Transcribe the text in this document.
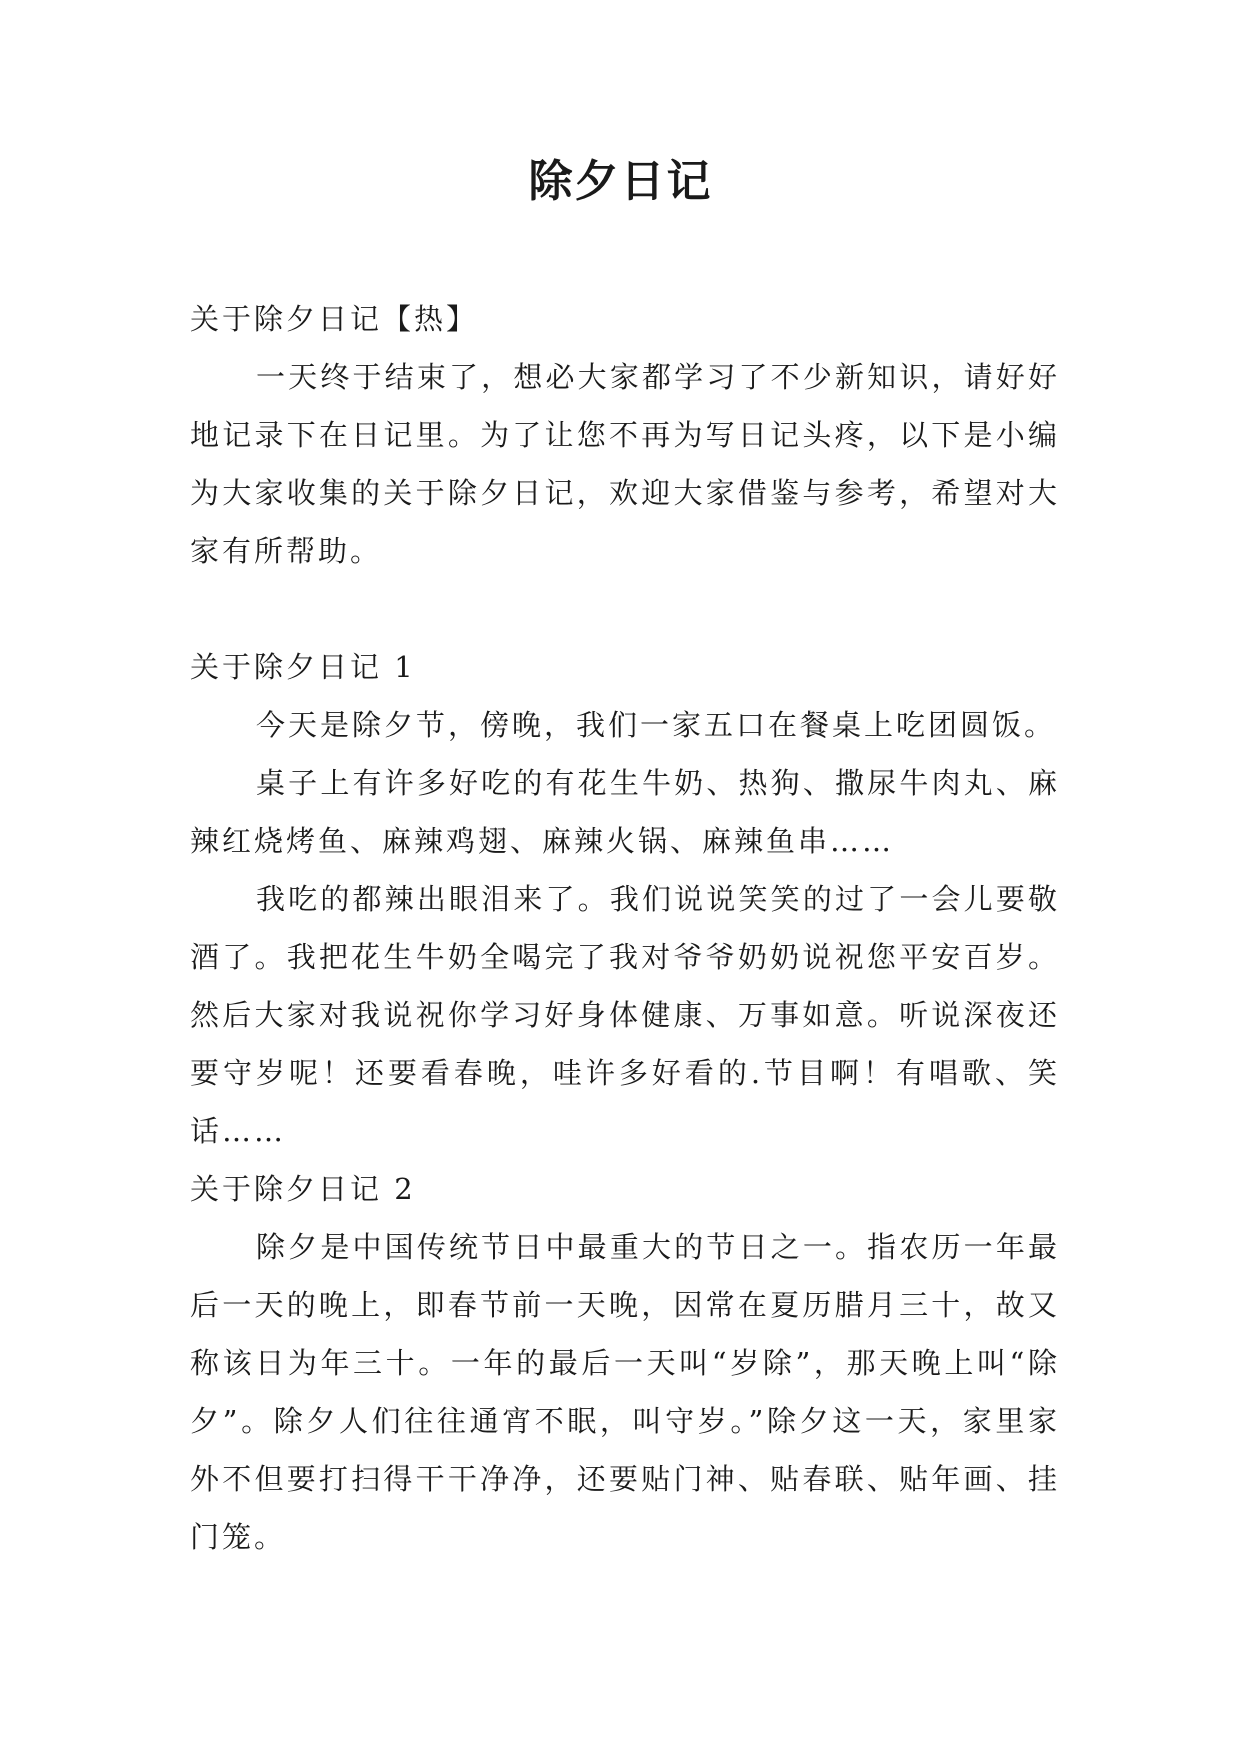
除夕日记

关于除夕日记【热】

一天终于结束了，想必大家都学习了不少新知识，请好好地记录下在日记里。为了让您不再为写日记头疼，以下是小编为大家收集的关于除夕日记，欢迎大家借鉴与参考，希望对大家有所帮助。

关于除夕日记 1

今天是除夕节，傍晚，我们一家五口在餐桌上吃团圆饭。

桌子上有许多好吃的有花生牛奶、热狗、撒尿牛肉丸、麻辣红烧烤鱼、麻辣鸡翅、麻辣火锅、麻辣鱼串……

我吃的都辣出眼泪来了。我们说说笑笑的过了一会儿要敬酒了。我把花生牛奶全喝完了我对爷爷奶奶说祝您平安百岁。然后大家对我说祝你学习好身体健康、万事如意。听说深夜还要守岁呢！还要看春晚，哇许多好看的.节目啊！有唱歌、笑话……

关于除夕日记 2

除夕是中国传统节日中最重大的节日之一。指农历一年最后一天的晚上，即春节前一天晚，因常在夏历腊月三十，故又称该日为年三十。一年的最后一天叫“岁除”，那天晚上叫“除夕”。除夕人们往往通宵不眠，叫守岁。”除夕这一天，家里家外不但要打扫得干干净净，还要贴门神、贴春联、贴年画、挂门笼。
